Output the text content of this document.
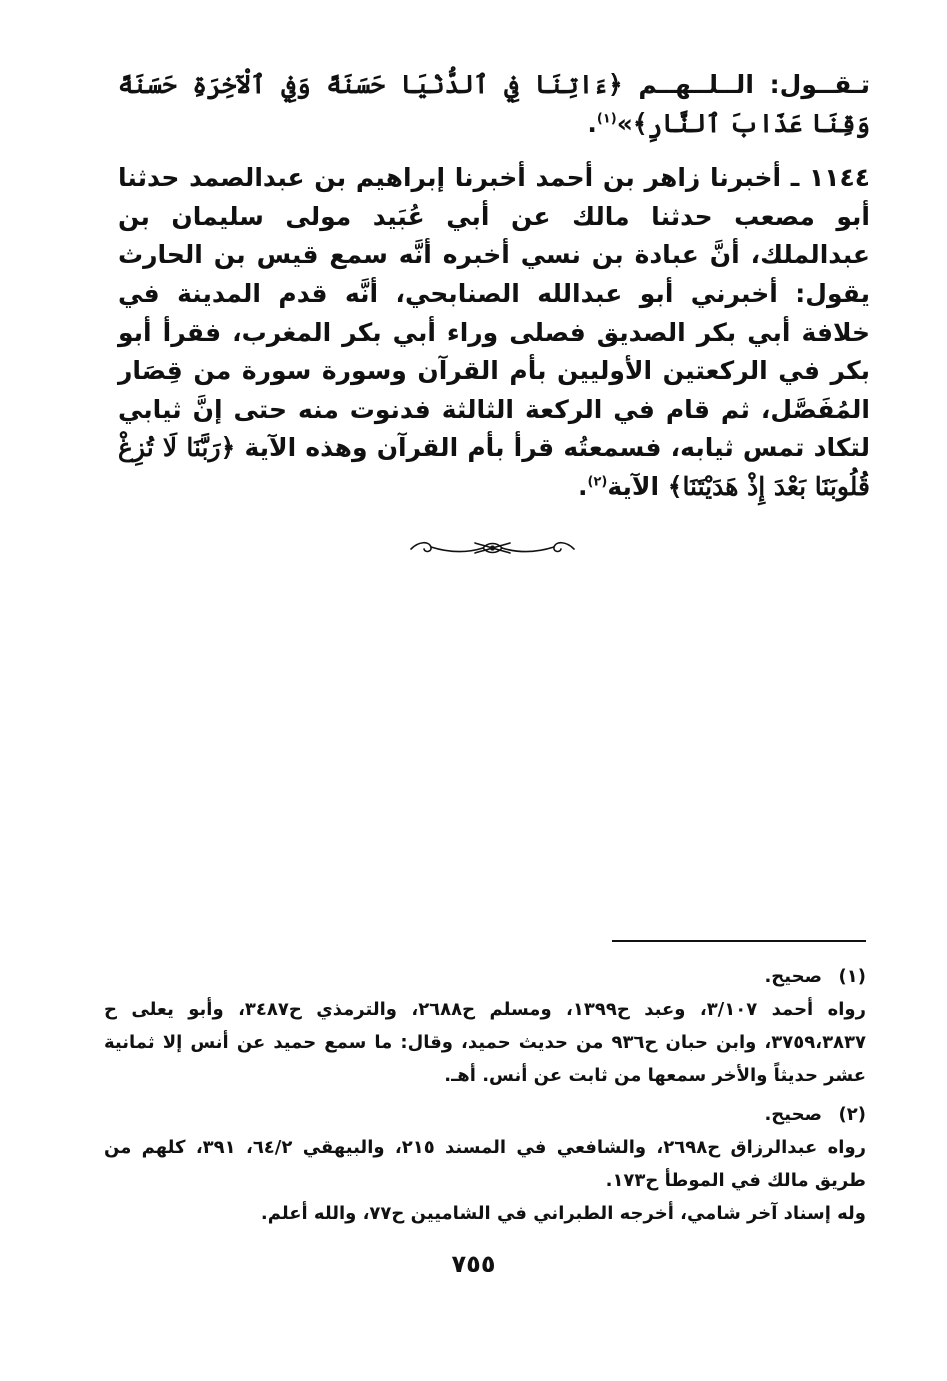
تـقــول: الــلــهــم ﴿ءَاتِنَا فِي ٱلدُّنْيَا حَسَنَةً وَفِي ٱلْآخِرَةِ حَسَنَةً وَقِنَا عَذَابَ ٱلنَّارِ﴾»$^{(١)}$.

١١٤٤ ـ أخبرنا زاهر بن أحمد أخبرنا إبراهيم بن عبدالصمد حدثنا أبو مصعب حدثنا مالك عن أبي عُبَيد مولى سليمان بن عبدالملك، أنَّ عبادة بن نسي أخبره أنَّه سمع قيس بن الحارث يقول: أخبرني أبو عبدالله الصنابحي، أنَّه قدم المدينة في خلافة أبي بكر الصديق فصلى وراء أبي بكر المغرب، فقرأ أبو بكر في الركعتين الأوليين بأم القرآن وسورة سورة من قِصَار المُفَصَّل، ثم قام في الركعة الثالثة فدنوت منه حتى إنَّ ثيابي لتكاد تمس ثيابه، فسمعتُه قرأ بأم القرآن وهذه الآية ﴿رَبَّنَا لَا تُزِغْ قُلُوبَنَا بَعْدَ إِذْ هَدَيْتَنَا﴾ الآية$^{(٢)}$.

(١)صحيح.
رواه أحمد ٣/١٠٧، وعبد ح١٣٩٩، ومسلم ح٢٦٨٨، والترمذي ح٣٤٨٧، وأبو يعلى ح ٣٧٥٩،٣٨٣٧، وابن حبان ح٩٣٦ من حديث حميد، وقال: ما سمع حميد عن أنس إلا ثمانية عشر حديثاً والأخر سمعها من ثابت عن أنس. أهـ.
(٢)صحيح.
رواه عبدالرزاق ح٢٦٩٨، والشافعي في المسند ٢١٥، والبيهقي ٦٤/٢، ٣٩١، كلهم من طريق مالك في الموطأ ح١٧٣.
وله إسناد آخر شامي، أخرجه الطبراني في الشاميين ح٧٧، والله أعلم.
٧٥٥
